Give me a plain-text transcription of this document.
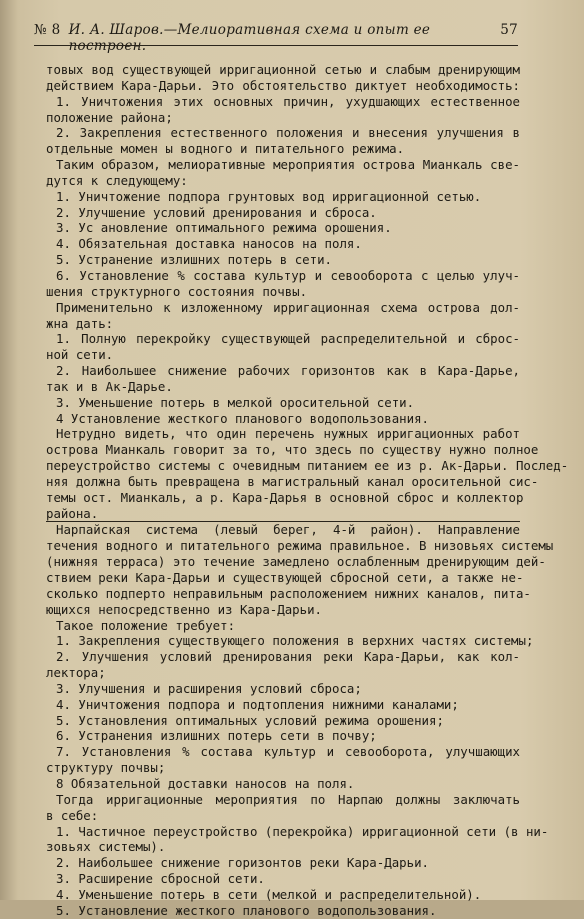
№ 8 И. А. Шаров.—Мелиоративная схема и опыт ее построен.
57
товых вод существующей ирригационной сетью и слабым дренирующим
действием Кара-Дарьи. Это обстоятельство диктует необходимость:
1. Уничтожения этих основных причин, ухудшающих естественное
положение района;
2. Закрепления естественного положения и внесения улучшения в
отдельные момен ы водного и питательного режима.
Таким образом, мелиоративные мероприятия острова Мианкаль све-
дутся к следующему:
1. Уничтожение подпора грунтовых вод ирригационной сетью.
2. Улучшение условий дренирования и сброса.
3. Ус ановление оптимального режима орошения.
4. Обязательная доставка наносов на поля.
5. Устранение излишних потерь в сети.
6. Установление % состава культур и севооборота с целью улуч-
шения структурного состояния почвы.
Применительно к изложенному ирригационная схема острова дол-
жна дать:
1. Полную перекройку существующей распределительной и сброс-
ной сети.
2. Наибольшее снижение рабочих горизонтов как в Кара-Дарье,
так и в Ак-Дарье.
3. Уменьшение потерь в мелкой оросительной сети.
4 Установление жесткого планового водопользования.
Нетрудно видеть, что один перечень нужных ирригационных работ
острова Мианкаль говорит за то, что здесь по существу нужно полное
переустройство системы с очевидным питанием ее из р. Ак-Дарьи. Послед-
няя должна быть превращена в магистральный канал оросительной сис-
темы ост. Мианкаль, а р. Кара-Дарья в основной сброс и коллектор
района.
Нарпайская система (левый берег, 4-й район). Направление
течения водного и питательного режима правильное. В низовьях системы
(нижняя терраса) это течение замедлено ослабленным дренирующим дей-
ствием реки Кара-Дарьи и существующей сбросной сети, а также не-
сколько подперто неправильным расположением нижних каналов, пита-
ющихся непосредственно из Кара-Дарьи.
Такое положение требует:
1. Закрепления существующего положения в верхних частях системы;
2. Улучшения условий дренирования реки Кара-Дарьи, как кол-
лектора;
3. Улучшения и расширения условий сброса;
4. Уничтожения подпора и подтопления нижними каналами;
5. Установления оптимальных условий режима орошения;
6. Устранения излишних потерь сети в почву;
7. Установления % состава культур и севооборота, улучшающих
структуру почвы;
8 Обязательной доставки наносов на поля.
Тогда ирригационные мероприятия по Нарпаю должны заключать
в себе:
1. Частичное переустройство (перекройка) ирригационной сети (в ни-
зовьях системы).
2. Наибольшее снижение горизонтов реки Кара-Дарьи.
3. Расширение сбросной сети.
4. Уменьшение потерь в сети (мелкой и распределительной).
5. Установление жесткого планового водопользования.
